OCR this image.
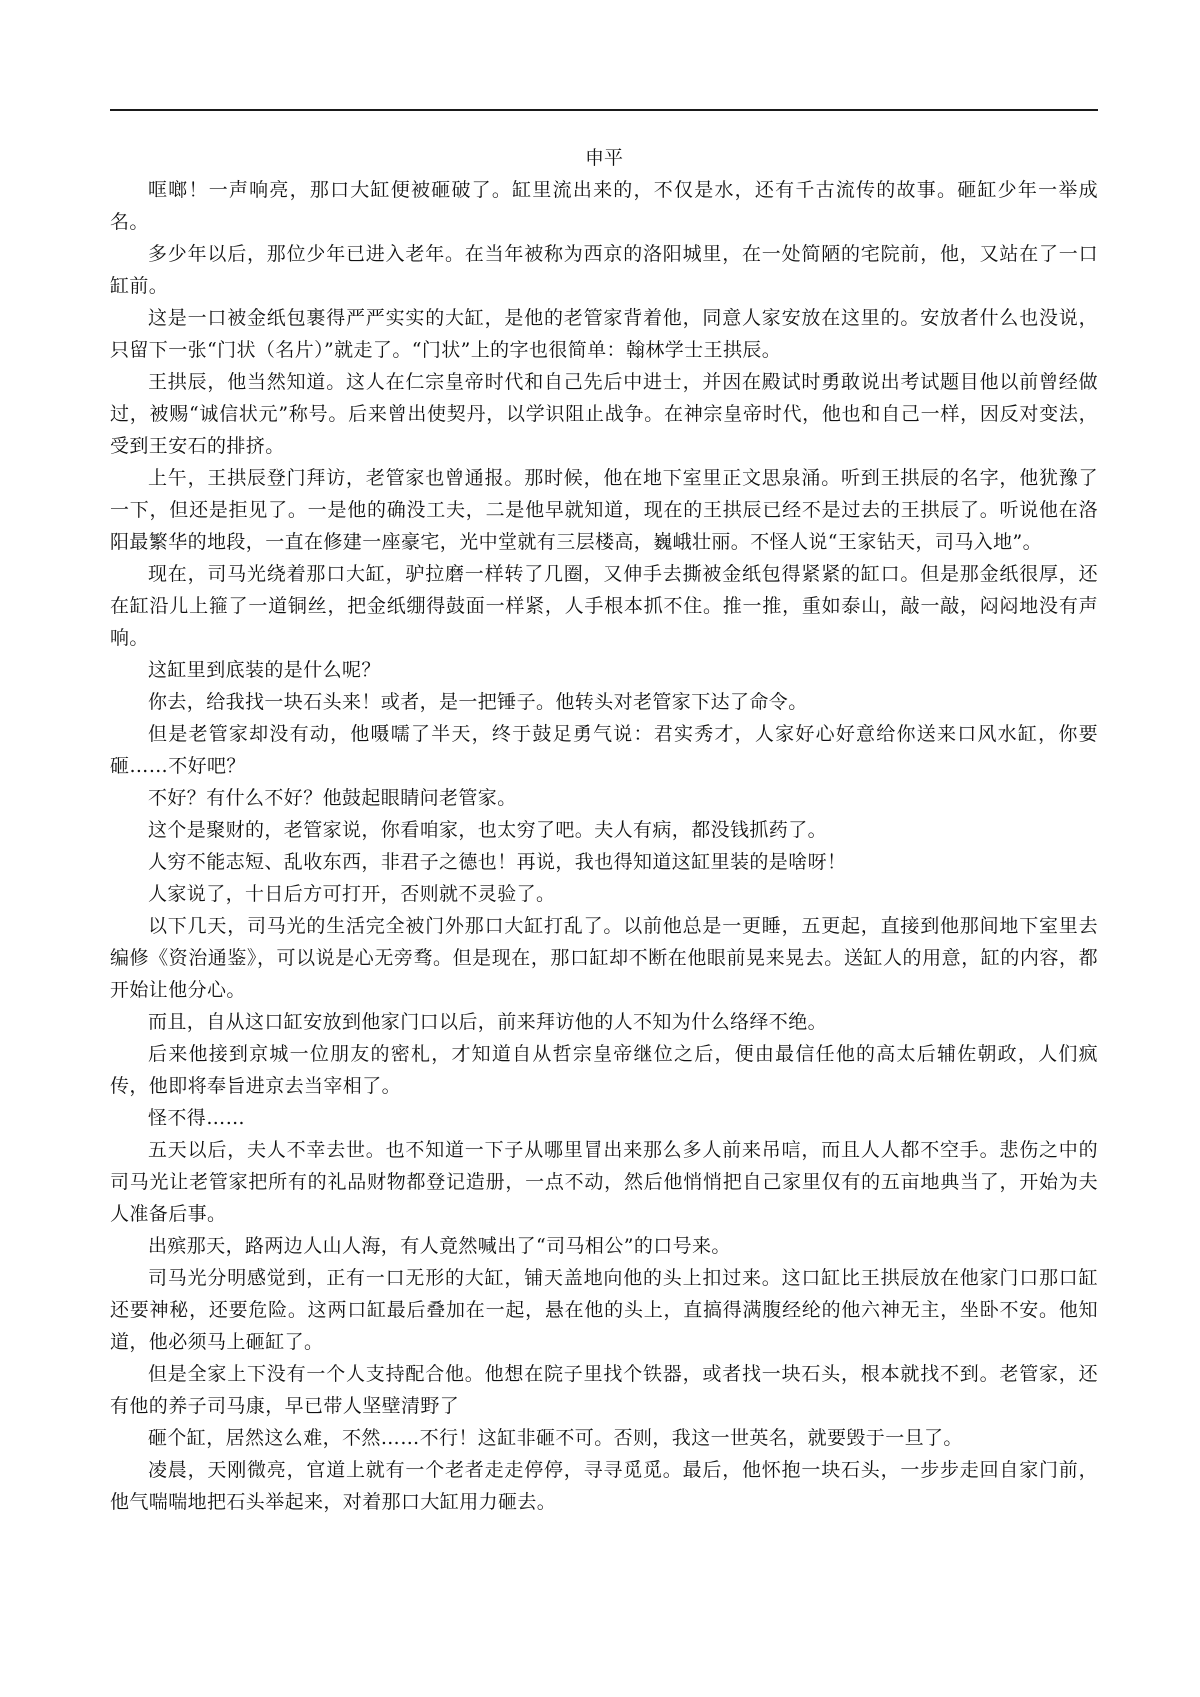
申平

哐啷！一声响亮，那口大缸便被砸破了。缸里流出来的，不仅是水，还有千古流传的故事。砸缸少年一举成名。

多少年以后，那位少年已进入老年。在当年被称为西京的洛阳城里，在一处简陋的宅院前，他，又站在了一口缸前。

这是一口被金纸包裹得严严实实的大缸，是他的老管家背着他，同意人家安放在这里的。安放者什么也没说，只留下一张“门状（名片）”就走了。“门状”上的字也很简单：翰林学士王拱辰。

王拱辰，他当然知道。这人在仁宗皇帝时代和自己先后中进士，并因在殿试时勇敢说出考试题目他以前曾经做过，被赐“诚信状元”称号。后来曾出使契丹，以学识阻止战争。在神宗皇帝时代，他也和自己一样，因反对变法，受到王安石的排挤。

上午，王拱辰登门拜访，老管家也曾通报。那时候，他在地下室里正文思泉涌。听到王拱辰的名字，他犹豫了一下，但还是拒见了。一是他的确没工夫，二是他早就知道，现在的王拱辰已经不是过去的王拱辰了。听说他在洛阳最繁华的地段，一直在修建一座豪宅，光中堂就有三层楼高，巍峨壮丽。不怪人说“王家钻天，司马入地”。

现在，司马光绕着那口大缸，驴拉磨一样转了几圈，又伸手去撕被金纸包得紧紧的缸口。但是那金纸很厚，还在缸沿儿上箍了一道铜丝，把金纸绷得鼓面一样紧，人手根本抓不住。推一推，重如泰山，敲一敲，闷闷地没有声响。

这缸里到底装的是什么呢？

你去，给我找一块石头来！或者，是一把锤子。他转头对老管家下达了命令。

但是老管家却没有动，他嗫嚅了半天，终于鼓足勇气说：君实秀才，人家好心好意给你送来口风水缸，你要砸……不好吧？

不好？有什么不好？他鼓起眼睛问老管家。

这个是聚财的，老管家说，你看咱家，也太穷了吧。夫人有病，都没钱抓药了。

人穷不能志短、乱收东西，非君子之德也！再说，我也得知道这缸里装的是啥呀！

人家说了，十日后方可打开，否则就不灵验了。

以下几天，司马光的生活完全被门外那口大缸打乱了。以前他总是一更睡，五更起，直接到他那间地下室里去编修《资治通鉴》，可以说是心无旁骛。但是现在，那口缸却不断在他眼前晃来晃去。送缸人的用意，缸的内容，都开始让他分心。

而且，自从这口缸安放到他家门口以后，前来拜访他的人不知为什么络绎不绝。

后来他接到京城一位朋友的密札，才知道自从哲宗皇帝继位之后，便由最信任他的高太后辅佐朝政，人们疯传，他即将奉旨进京去当宰相了。

怪不得……

五天以后，夫人不幸去世。也不知道一下子从哪里冒出来那么多人前来吊唁，而且人人都不空手。悲伤之中的司马光让老管家把所有的礼品财物都登记造册，一点不动，然后他悄悄把自己家里仅有的五亩地典当了，开始为夫人准备后事。

出殡那天，路两边人山人海，有人竟然喊出了“司马相公”的口号来。

司马光分明感觉到，正有一口无形的大缸，铺天盖地向他的头上扣过来。这口缸比王拱辰放在他家门口那口缸还要神秘，还要危险。这两口缸最后叠加在一起，悬在他的头上，直搞得满腹经纶的他六神无主，坐卧不安。他知道，他必须马上砸缸了。

但是全家上下没有一个人支持配合他。他想在院子里找个铁器，或者找一块石头，根本就找不到。老管家，还有他的养子司马康，早已带人坚壁清野了

砸个缸，居然这么难，不然……不行！这缸非砸不可。否则，我这一世英名，就要毁于一旦了。

凌晨，天刚微亮，官道上就有一个老者走走停停，寻寻觅觅。最后，他怀抱一块石头，一步步走回自家门前，他气喘喘地把石头举起来，对着那口大缸用力砸去。
